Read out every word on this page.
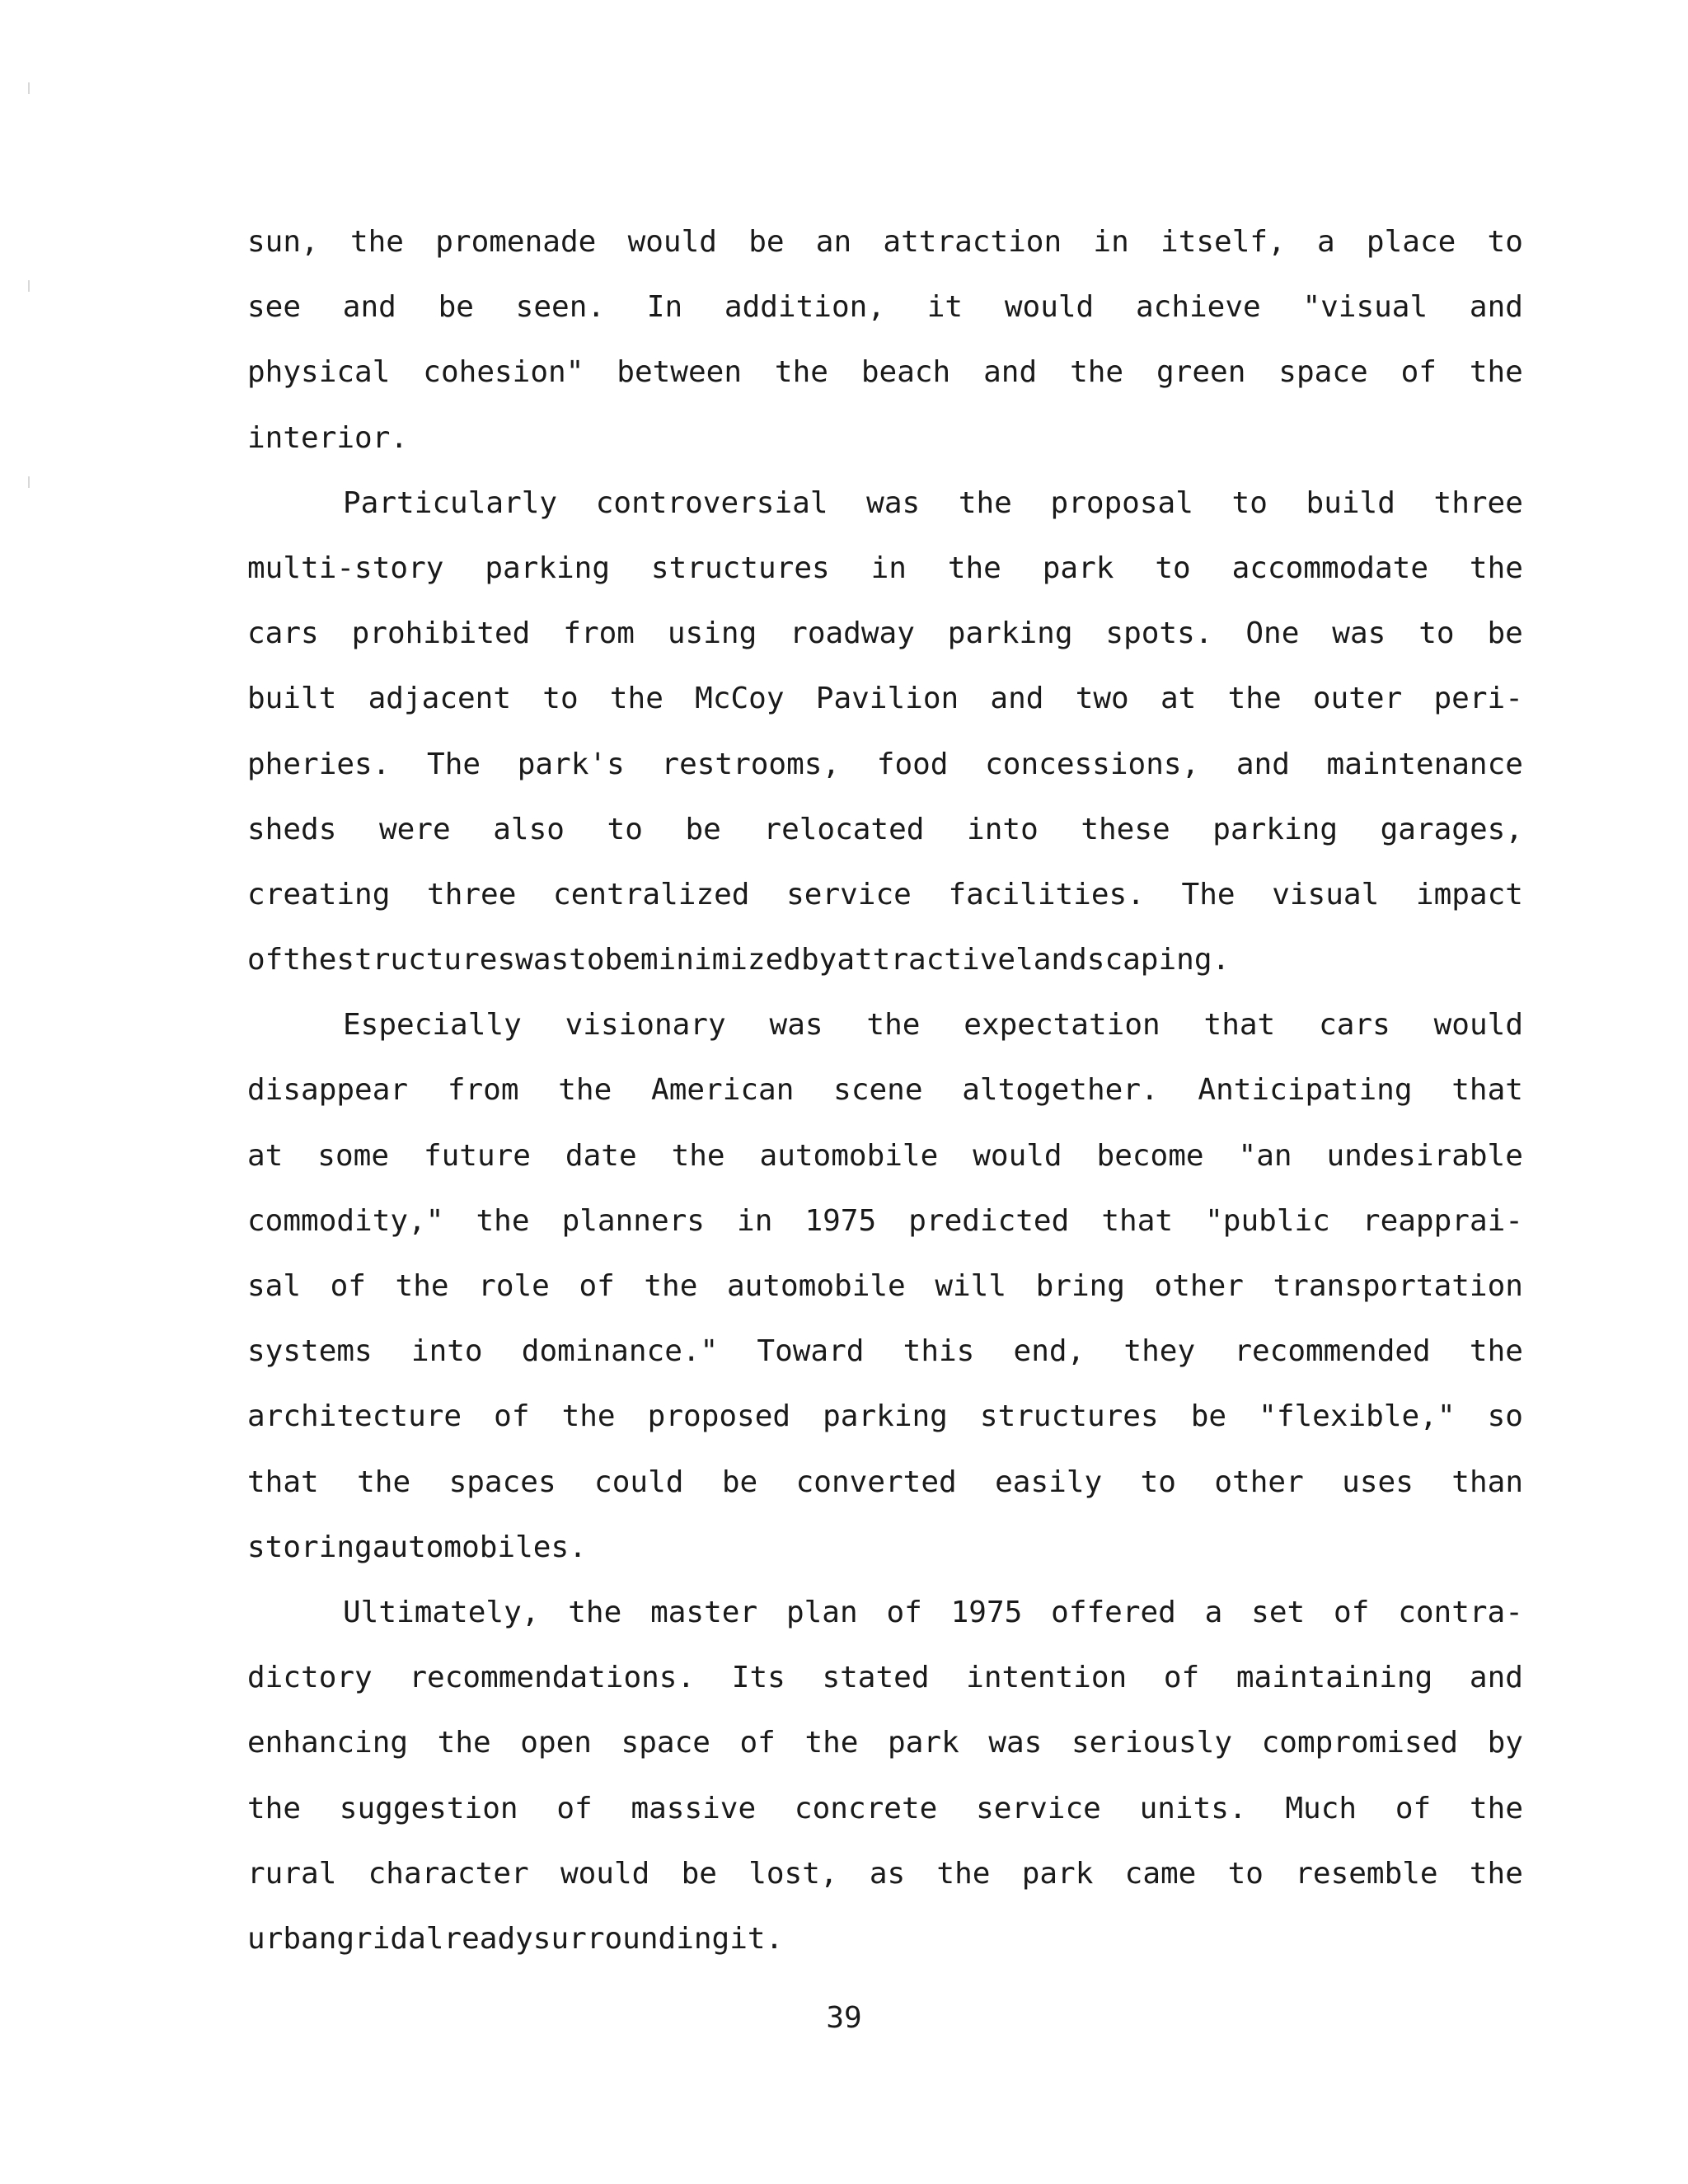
sun, the promenade would be an attraction in itself, a place to
see and be seen. In addition, it would achieve "visual and
physical cohesion" between the beach and the green space of the
interior.
Particularly controversial was the proposal to build three
multi-story parking structures in the park to accommodate the
cars prohibited from using roadway parking spots. One was to be
built adjacent to the McCoy Pavilion and two at the outer peri-
pheries. The park's restrooms, food concessions, and maintenance
sheds were also to be relocated into these parking garages,
creating three centralized service facilities. The visual impact
of the structures was to be minimized by attractive landscaping.
Especially visionary was the expectation that cars would
disappear from the American scene altogether. Anticipating that
at some future date the automobile would become "an undesirable
commodity," the planners in 1975 predicted that "public reapprai-
sal of the role of the automobile will bring other transportation
systems into dominance." Toward this end, they recommended the
architecture of the proposed parking structures be "flexible," so
that the spaces could be converted easily to other uses than
storing automobiles.
Ultimately, the master plan of 1975 offered a set of contra-
dictory recommendations. Its stated intention of maintaining and
enhancing the open space of the park was seriously compromised by
the suggestion of massive concrete service units. Much of the
rural character would be lost, as the park came to resemble the
urban grid already surrounding it.
39
